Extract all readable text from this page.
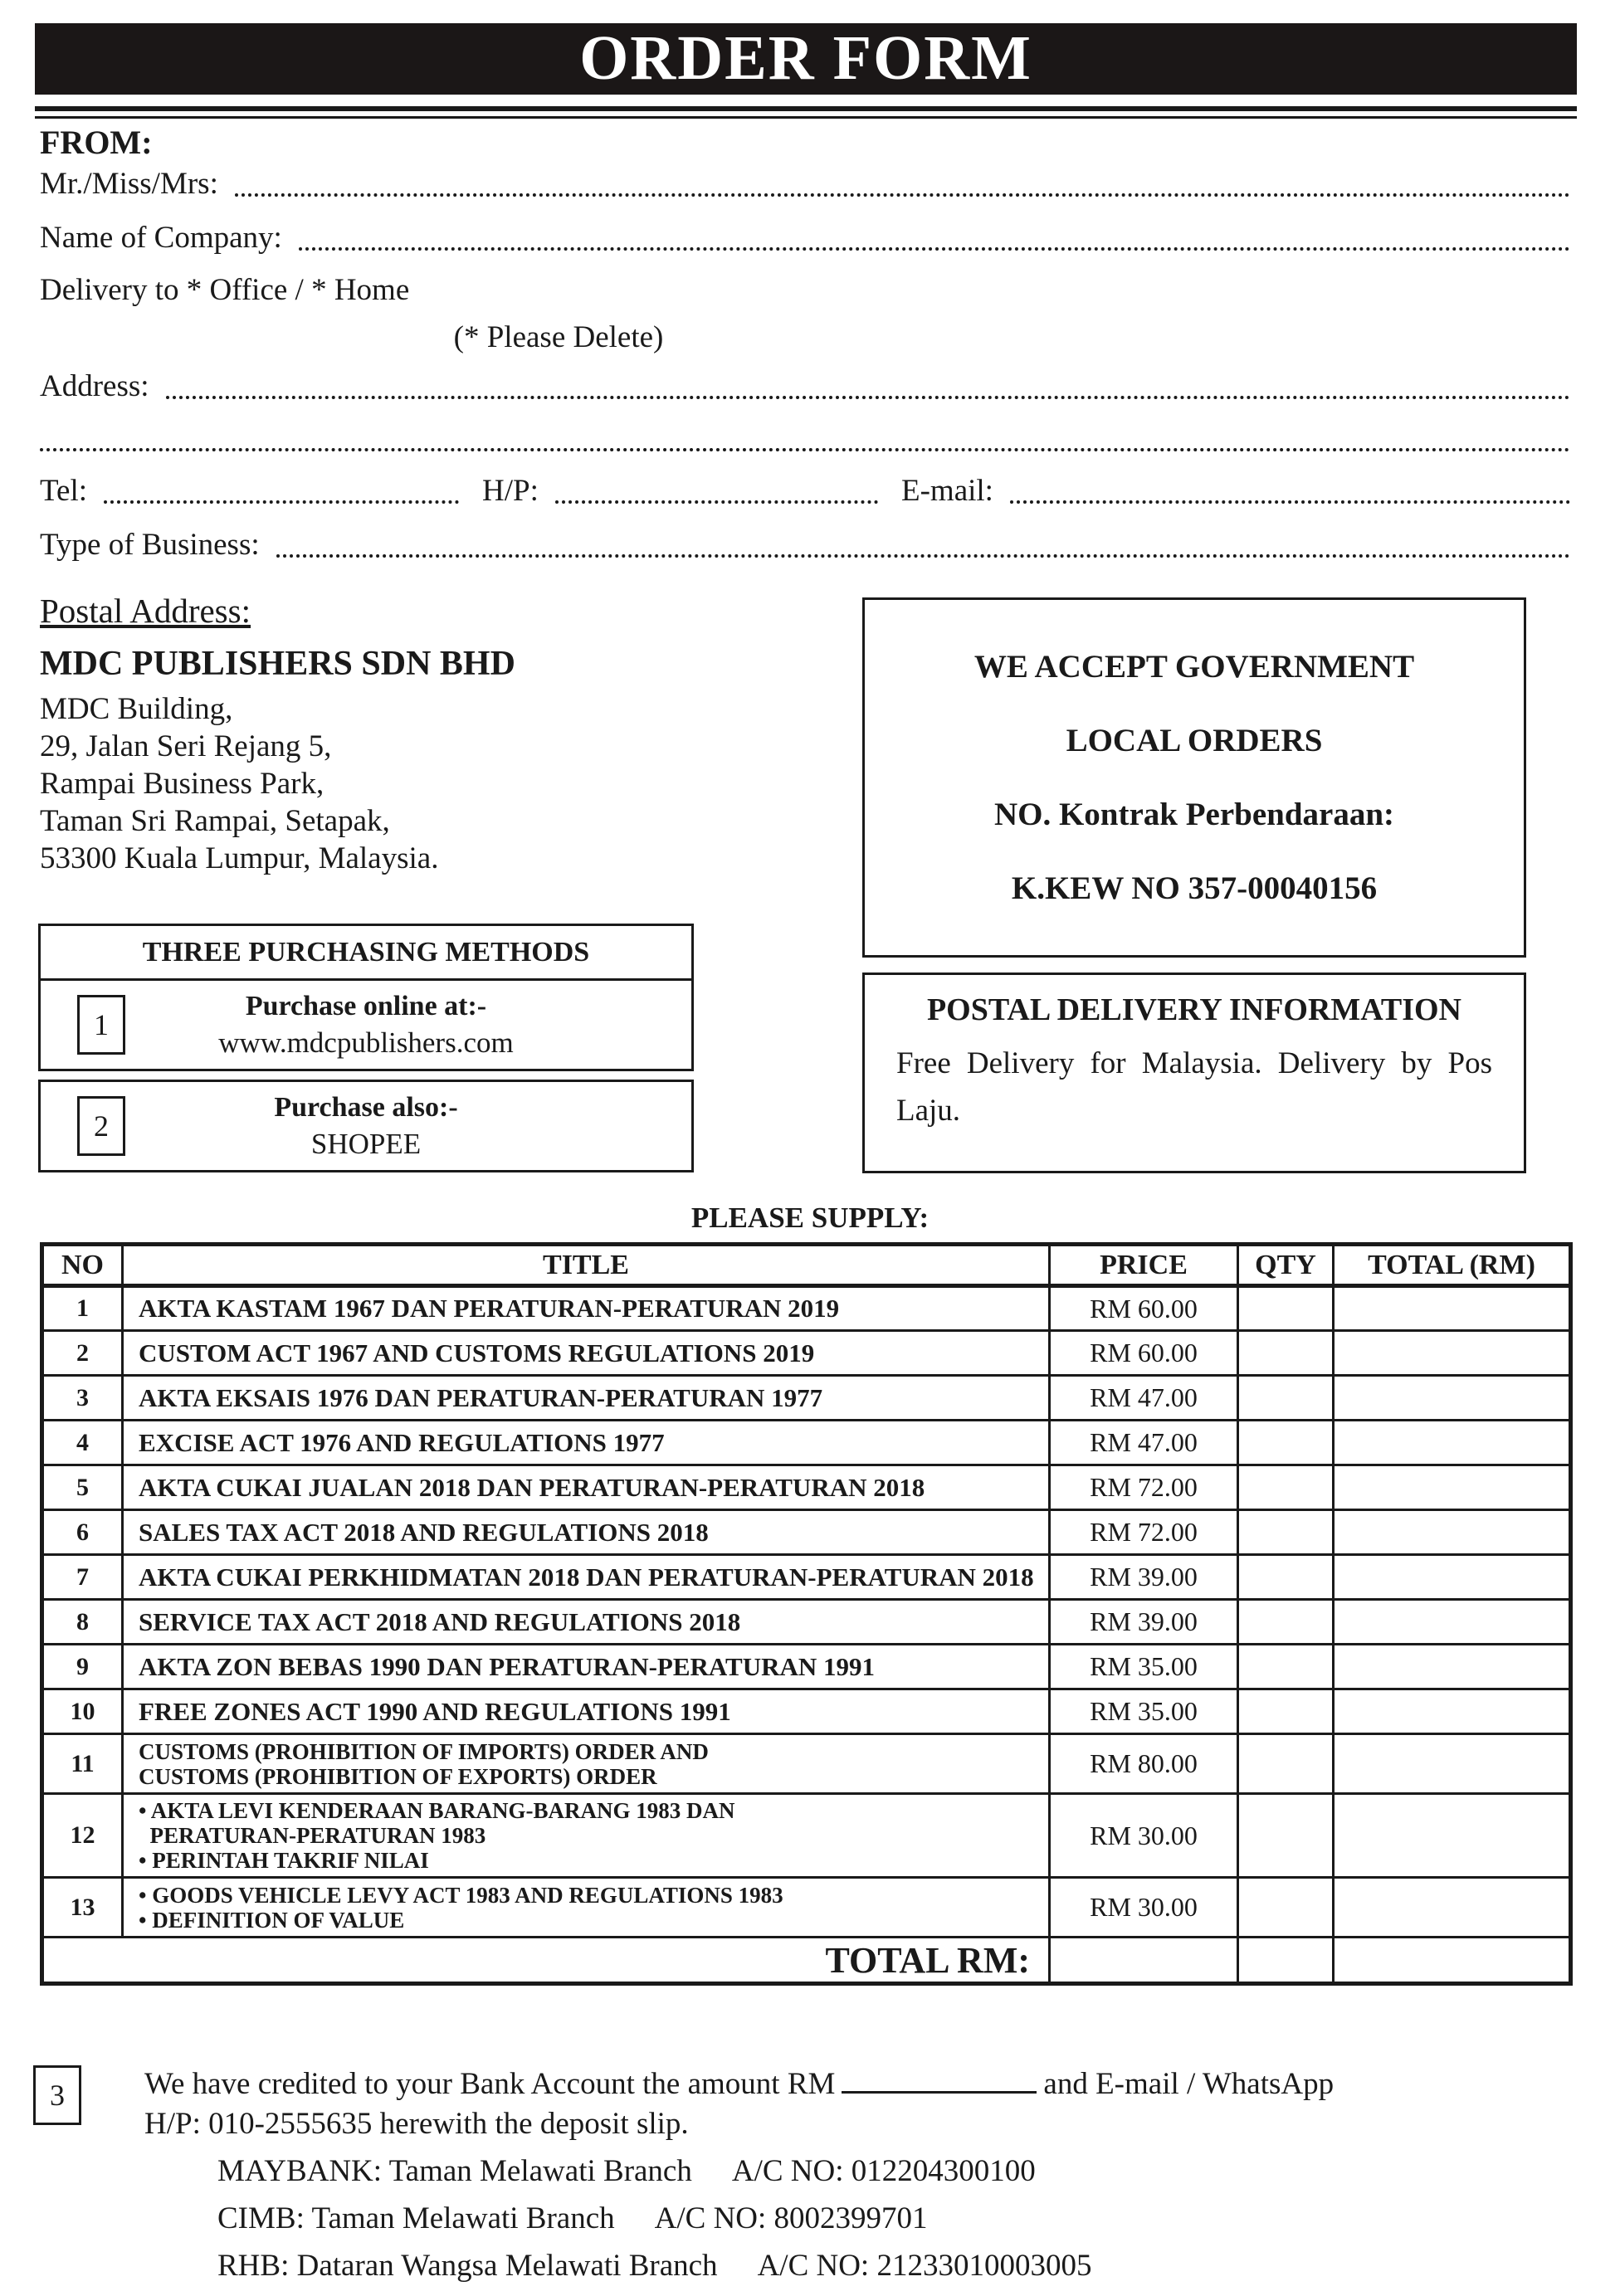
ORDER FORM
FROM:
Mr./Miss/Mrs:
Name of Company:
Delivery to * Office / * Home
(* Please Delete)
Address:
Tel:	H/P:	E-mail:
Type of Business:
Postal Address:
MDC PUBLISHERS SDN BHD
MDC Building,
29, Jalan Seri Rejang 5,
Rampai Business Park,
Taman Sri Rampai, Setapak,
53300 Kuala Lumpur, Malaysia.
WE ACCEPT GOVERNMENT
LOCAL ORDERS
NO. Kontrak Perbendaraan:
K.KEW NO 357-00040156
THREE PURCHASING METHODS
1
Purchase online at:-
www.mdcpublishers.com
2
Purchase also:-
SHOPEE
POSTAL DELIVERY INFORMATION
Free Delivery for Malaysia. Delivery by Pos Laju.
PLEASE SUPPLY:
NO	TITLE	PRICE	QTY	TOTAL (RM)
1	AKTA KASTAM 1967 DAN PERATURAN-PERATURAN 2019	RM 60.00		
2	CUSTOM ACT 1967 AND CUSTOMS REGULATIONS 2019	RM 60.00		
3	AKTA EKSAIS 1976 DAN PERATURAN-PERATURAN 1977	RM 47.00		
4	EXCISE ACT 1976 AND REGULATIONS 1977	RM 47.00		
5	AKTA CUKAI JUALAN 2018 DAN PERATURAN-PERATURAN 2018	RM 72.00		
6	SALES TAX ACT 2018 AND REGULATIONS 2018	RM 72.00		
7	AKTA CUKAI PERKHIDMATAN 2018 DAN PERATURAN-PERATURAN 2018	RM 39.00		
8	SERVICE TAX ACT 2018 AND REGULATIONS 2018	RM 39.00		
9	AKTA ZON BEBAS 1990 DAN PERATURAN-PERATURAN 1991	RM 35.00		
10	FREE ZONES ACT 1990 AND REGULATIONS 1991	RM 35.00		
11	CUSTOMS (PROHIBITION OF IMPORTS) ORDER AND
CUSTOMS (PROHIBITION OF EXPORTS) ORDER	RM 80.00		
12	• AKTA LEVI KENDERAAN BARANG-BARANG 1983 DAN
PERATURAN-PERATURAN 1983
• PERINTAH TAKRIF NILAI	RM 30.00		
13	• GOODS VEHICLE LEVY ACT 1983 AND REGULATIONS 1983
• DEFINITION OF VALUE	RM 30.00		
TOTAL RM:				
3	We have credited to your Bank Account the amount RM	and E-mail / WhatsApp
H/P: 010-2555635 herewith the deposit slip.
MAYBANK: Taman Melawati Branch A/C NO: 012204300100
CIMB: Taman Melawati Branch A/C NO: 8002399701
RHB: Dataran Wangsa Melawati Branch A/C NO: 21233010003005
